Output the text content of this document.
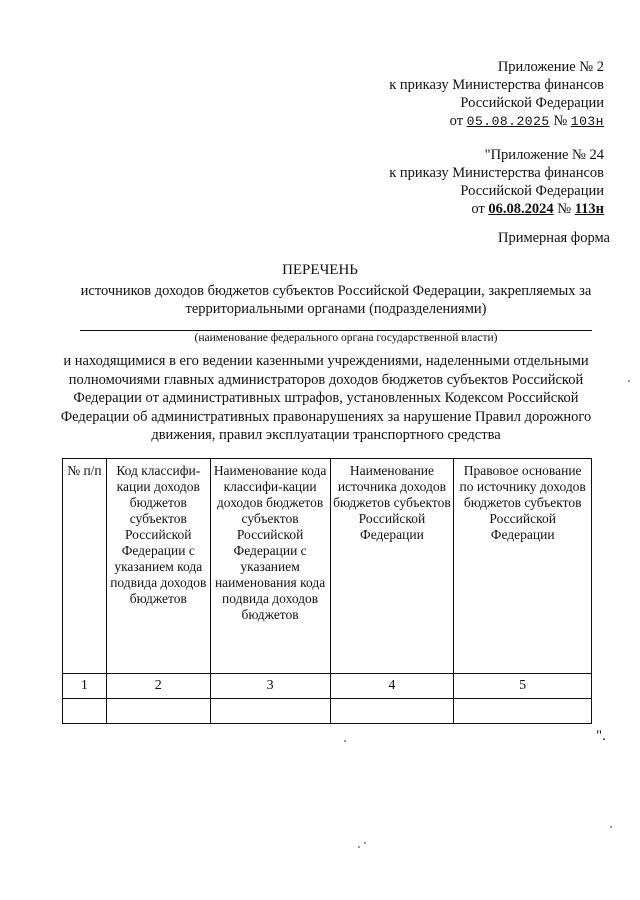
Приложение № 2
к приказу Министерства финансов
Российской Федерации
от 05.08.2025 № 103н
"Приложение № 24
к приказу Министерства финансов
Российской Федерации
от 06.08.2024 № 113н
Примерная форма
ПЕРЕЧЕНЬ
источников доходов бюджетов субъектов Российской Федерации, закрепляемых за территориальными органами (подразделениями)
(наименование федерального органа государственной власти)
и находящимися в его ведении казенными учреждениями, наделенными отдельными полномочиями главных администраторов доходов бюджетов субъектов Российской Федерации от административных штрафов, установленных Кодексом Российской Федерации об административных правонарушениях за нарушение Правил дорожного движения, правил эксплуатации транспортного средства
№ п/п	Код классифи-кации доходов бюджетов субъектов Российской Федерации с указанием кода подвида доходов бюджетов	Наименование кода классифи-кации доходов бюджетов субъектов Российской Федерации с указанием наименования кода подвида доходов бюджетов	Наименование источника доходов бюджетов субъектов Российской Федерации	Правовое основание по источнику доходов бюджетов субъектов Российской Федерации
1	2	3	4	5

".
